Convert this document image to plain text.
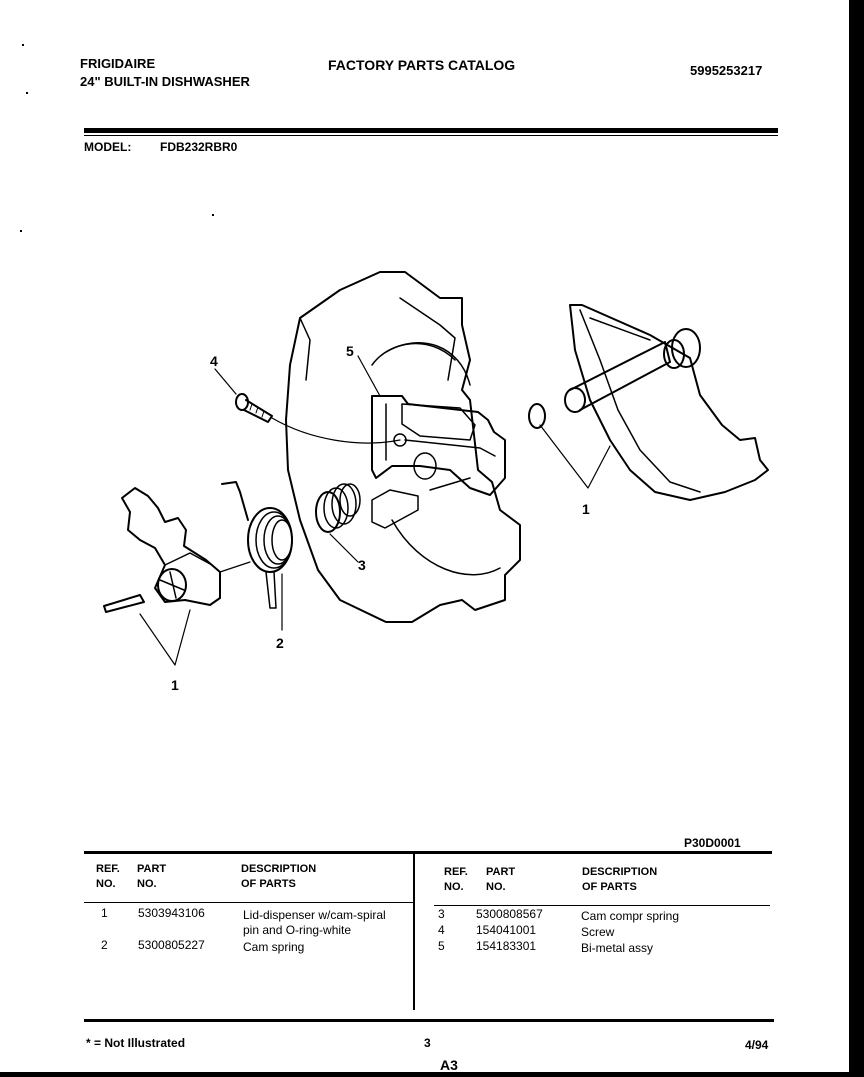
FRIGIDAIRE
24" BUILT-IN DISHWASHER
FACTORY PARTS CATALOG	5995253217
MODEL: FDB232RBR0
1
1
2
3
4
5
P30D0001
REF.
NO.
PART
NO.
DESCRIPTION
OF PARTS
REF.
NO.
PART
NO.
DESCRIPTION
OF PARTS
1	5303943106	Lid-dispenser w/cam-spiral
pin and O-ring-white
2	5300805227	Cam spring
3	5300808567	Cam compr spring
4	154041001	Screw
5	154183301	Bi-metal assy
* = Not Illustrated	3	4/94
A3
